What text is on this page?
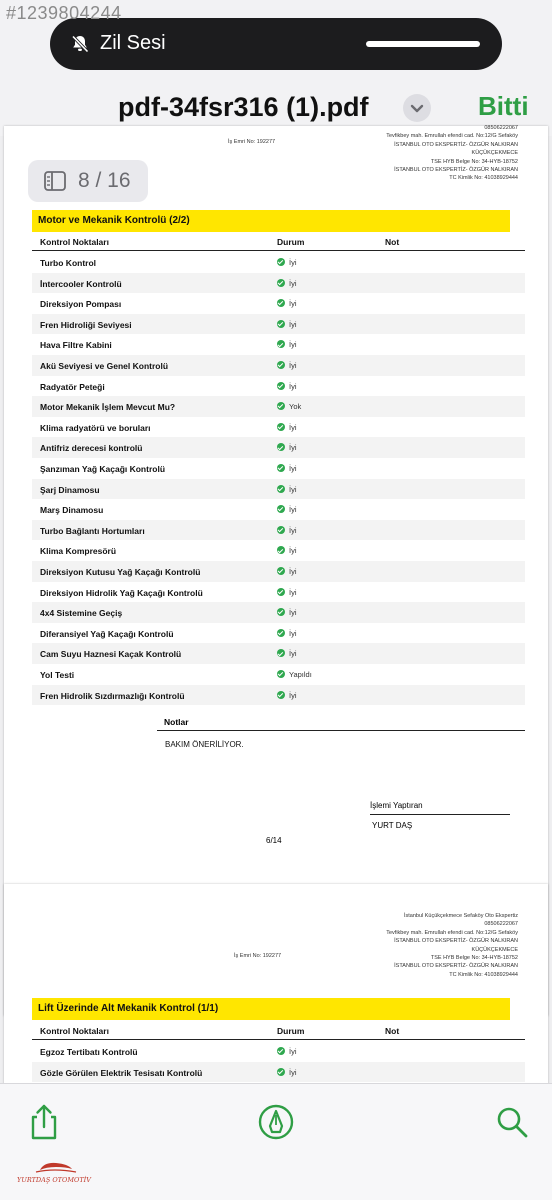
#1239804244
Zil Sesi
pdf-34fsr316 (1).pdf	Bitti
8 / 16
İş Emri No: 192277
08506222067
Tevfikbey mah. Emrullah efendi cad. No:12/G Sefaköy
İSTANBUL OTO EKSPERTİZ- ÖZGÜR NALKIRAN
KÜÇÜKÇEKMECE
TSE HYB Belge No: 34-HYB-18752
İSTANBUL OTO EKSPERTİZ- ÖZGÜR NALKIRAN
TC Kimlik No: 41038929444
Motor ve Mekanik Kontrolü (2/2)
Kontrol Noktaları	Durum	Not
Turbo Kontrol	İyi
İntercooler Kontrolü	İyi
Direksiyon Pompası	İyi
Fren Hidroliği Seviyesi	İyi
Hava Filtre Kabini	İyi
Akü Seviyesi ve Genel Kontrolü	İyi
Radyatör Peteği	İyi
Motor Mekanik İşlem Mevcut Mu?	Yok
Klima radyatörü ve boruları	İyi
Antifriz derecesi kontrolü	İyi
Şanzıman Yağ Kaçağı Kontrolü	İyi
Şarj Dinamosu	İyi
Marş Dinamosu	İyi
Turbo Bağlantı Hortumları	İyi
Klima Kompresörü	İyi
Direksiyon Kutusu Yağ Kaçağı Kontrolü	İyi
Direksiyon Hidrolik Yağ Kaçağı Kontrolü	İyi
4x4 Sistemine Geçiş	İyi
Diferansiyel Yağ Kaçağı Kontrolü	İyi
Cam Suyu Haznesi Kaçak Kontrolü	İyi
Yol Testi	Yapıldı
Fren Hidrolik Sızdırmazlığı Kontrolü	İyi
Notlar
BAKIM ÖNERİLİYOR.
İşlemi Yaptıran
YURT DAŞ
6/14
İstanbul Küçükçekmece Sefaköy Oto Ekspertiz
08506222067
Tevfikbey mah. Emrullah efendi cad. No:12/G Sefaköy
İSTANBUL OTO EKSPERTİZ- ÖZGÜR NALKIRAN
KÜÇÜKÇEKMECE
TSE HYB Belge No: 34-HYB-18752
İSTANBUL OTO EKSPERTİZ- ÖZGÜR NALKIRAN
TC Kimlik No: 41038929444
İş Emri No: 192277
Lift Üzerinde Alt Mekanik Kontrol (1/1)
Kontrol Noktaları	Durum	Not
Egzoz Tertibatı Kontrolü	İyi
Gözle Görülen Elektrik Tesisatı Kontrolü	İyi
YURTDAŞ OTOMOTİV
